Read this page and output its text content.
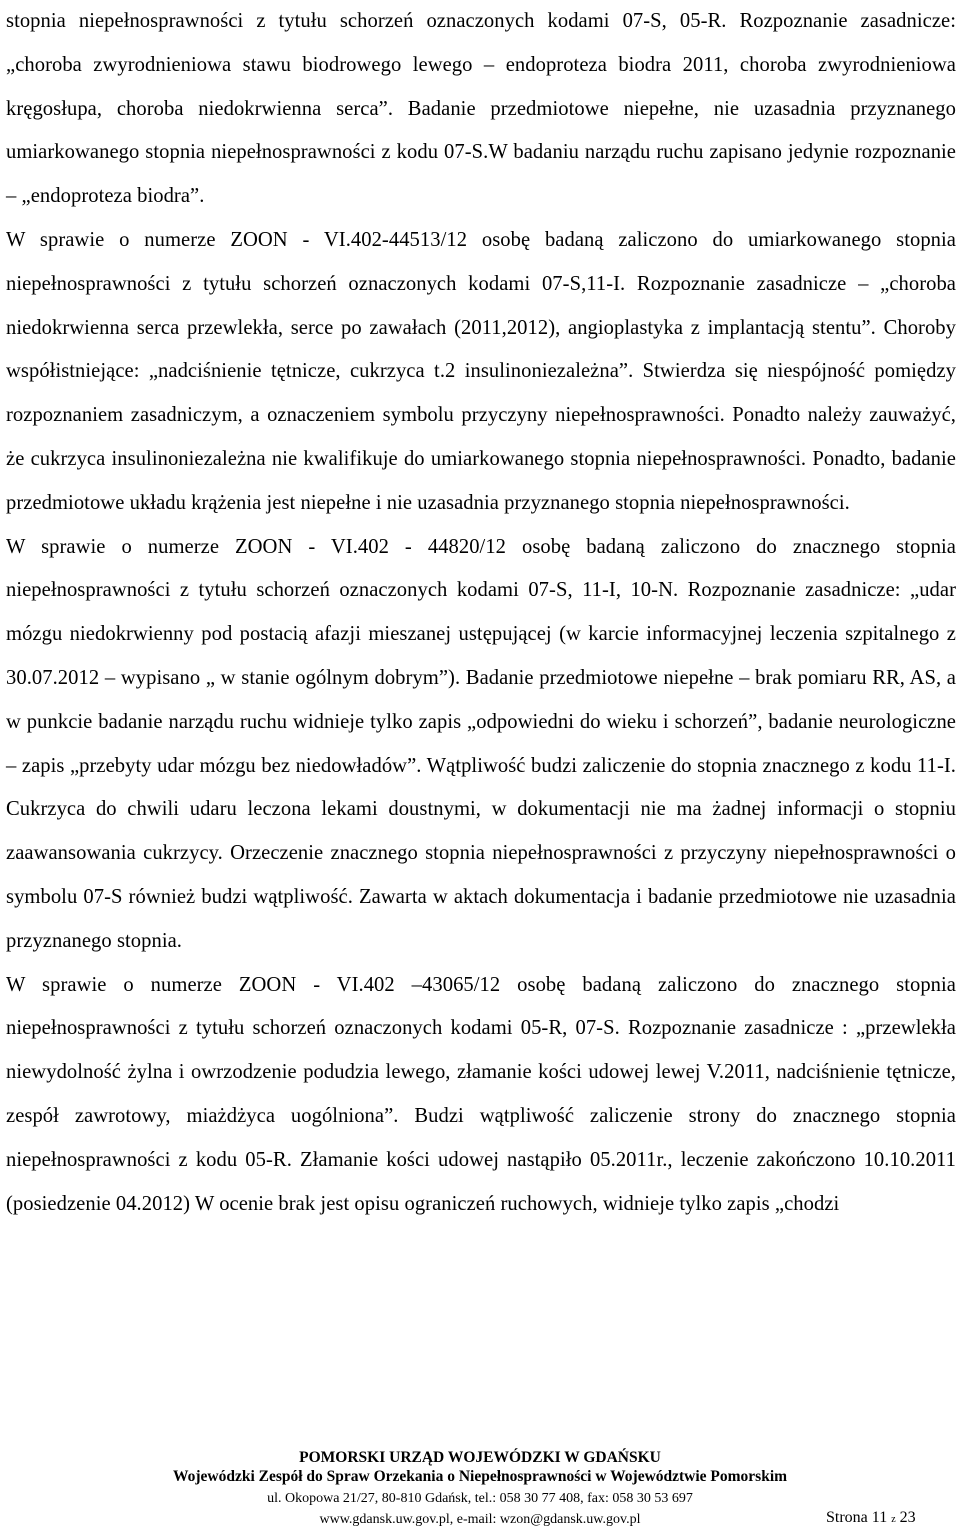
stopnia niepełnosprawności z tytułu schorzeń oznaczonych kodami 07-S, 05-R. Rozpoznanie zasadnicze: „choroba zwyrodnieniowa stawu biodrowego lewego – endoproteza biodra 2011, choroba zwyrodnieniowa kręgosłupa, choroba niedokrwienna serca”. Badanie przedmiotowe niepełne, nie uzasadnia przyznanego umiarkowanego stopnia niepełnosprawności z kodu 07-S.W badaniu narządu ruchu zapisano jedynie rozpoznanie – „endoproteza biodra”.

W sprawie o numerze ZOON - VI.402-44513/12 osobę badaną zaliczono do umiarkowanego stopnia niepełnosprawności z tytułu schorzeń oznaczonych kodami 07-S,11-I. Rozpoznanie zasadnicze – „choroba niedokrwienna serca przewlekła, serce po zawałach (2011,2012), angioplastyka z implantacją stentu”. Choroby współistniejące: „nadciśnienie tętnicze, cukrzyca t.2 insulinoniezależna”. Stwierdza się niespójność pomiędzy rozpoznaniem zasadniczym, a oznaczeniem symbolu przyczyny niepełnosprawności. Ponadto należy zauważyć, że cukrzyca insulinoniezależna nie kwalifikuje do umiarkowanego stopnia niepełnosprawności. Ponadto, badanie przedmiotowe układu krążenia jest niepełne i nie uzasadnia przyznanego stopnia niepełnosprawności.

W sprawie o numerze ZOON - VI.402 - 44820/12 osobę badaną zaliczono do znacznego stopnia niepełnosprawności z tytułu schorzeń oznaczonych kodami 07-S, 11-I, 10-N. Rozpoznanie zasadnicze: „udar mózgu niedokrwienny pod postacią afazji mieszanej ustępującej (w karcie informacyjnej leczenia szpitalnego z 30.07.2012 – wypisano „ w stanie ogólnym dobrym”). Badanie przedmiotowe niepełne – brak pomiaru RR, AS, a w punkcie badanie narządu ruchu widnieje tylko zapis „odpowiedni do wieku i schorzeń”, badanie neurologiczne – zapis „przebyty udar mózgu bez niedowładów”. Wątpliwość budzi zaliczenie do stopnia znacznego z kodu 11-I. Cukrzyca do chwili udaru leczona lekami doustnymi, w dokumentacji nie ma żadnej informacji o stopniu zaawansowania cukrzycy. Orzeczenie znacznego stopnia niepełnosprawności z przyczyny niepełnosprawności o symbolu 07-S również budzi wątpliwość. Zawarta w aktach dokumentacja i badanie przedmiotowe nie uzasadnia przyznanego stopnia.

W sprawie o numerze ZOON - VI.402 –43065/12 osobę badaną zaliczono do znacznego stopnia niepełnosprawności z tytułu schorzeń oznaczonych kodami 05-R, 07-S. Rozpoznanie zasadnicze : „przewlekła niewydolność żylna i owrzodzenie podudzia lewego, złamanie kości udowej lewej V.2011, nadciśnienie tętnicze, zespół zawrotowy, miażdżyca uogólniona”. Budzi wątpliwość zaliczenie strony do znacznego stopnia niepełnosprawności z kodu 05-R. Złamanie kości udowej nastąpiło 05.2011r., leczenie zakończono 10.10.2011 (posiedzenie 04.2012) W ocenie brak jest opisu ograniczeń ruchowych, widnieje tylko zapis „chodzi

POMORSKI URZĄD WOJEWÓDZKI W GDAŃSKU
Wojewódzki Zespół do Spraw Orzekania o Niepełnosprawności w Województwie Pomorskim
ul. Okopowa 21/27, 80-810 Gdańsk, tel.: 058 30 77 408, fax: 058 30 53 697
www.gdansk.uw.gov.pl, e-mail: wzon@gdansk.uw.gov.pl	Strona 11 z 23
